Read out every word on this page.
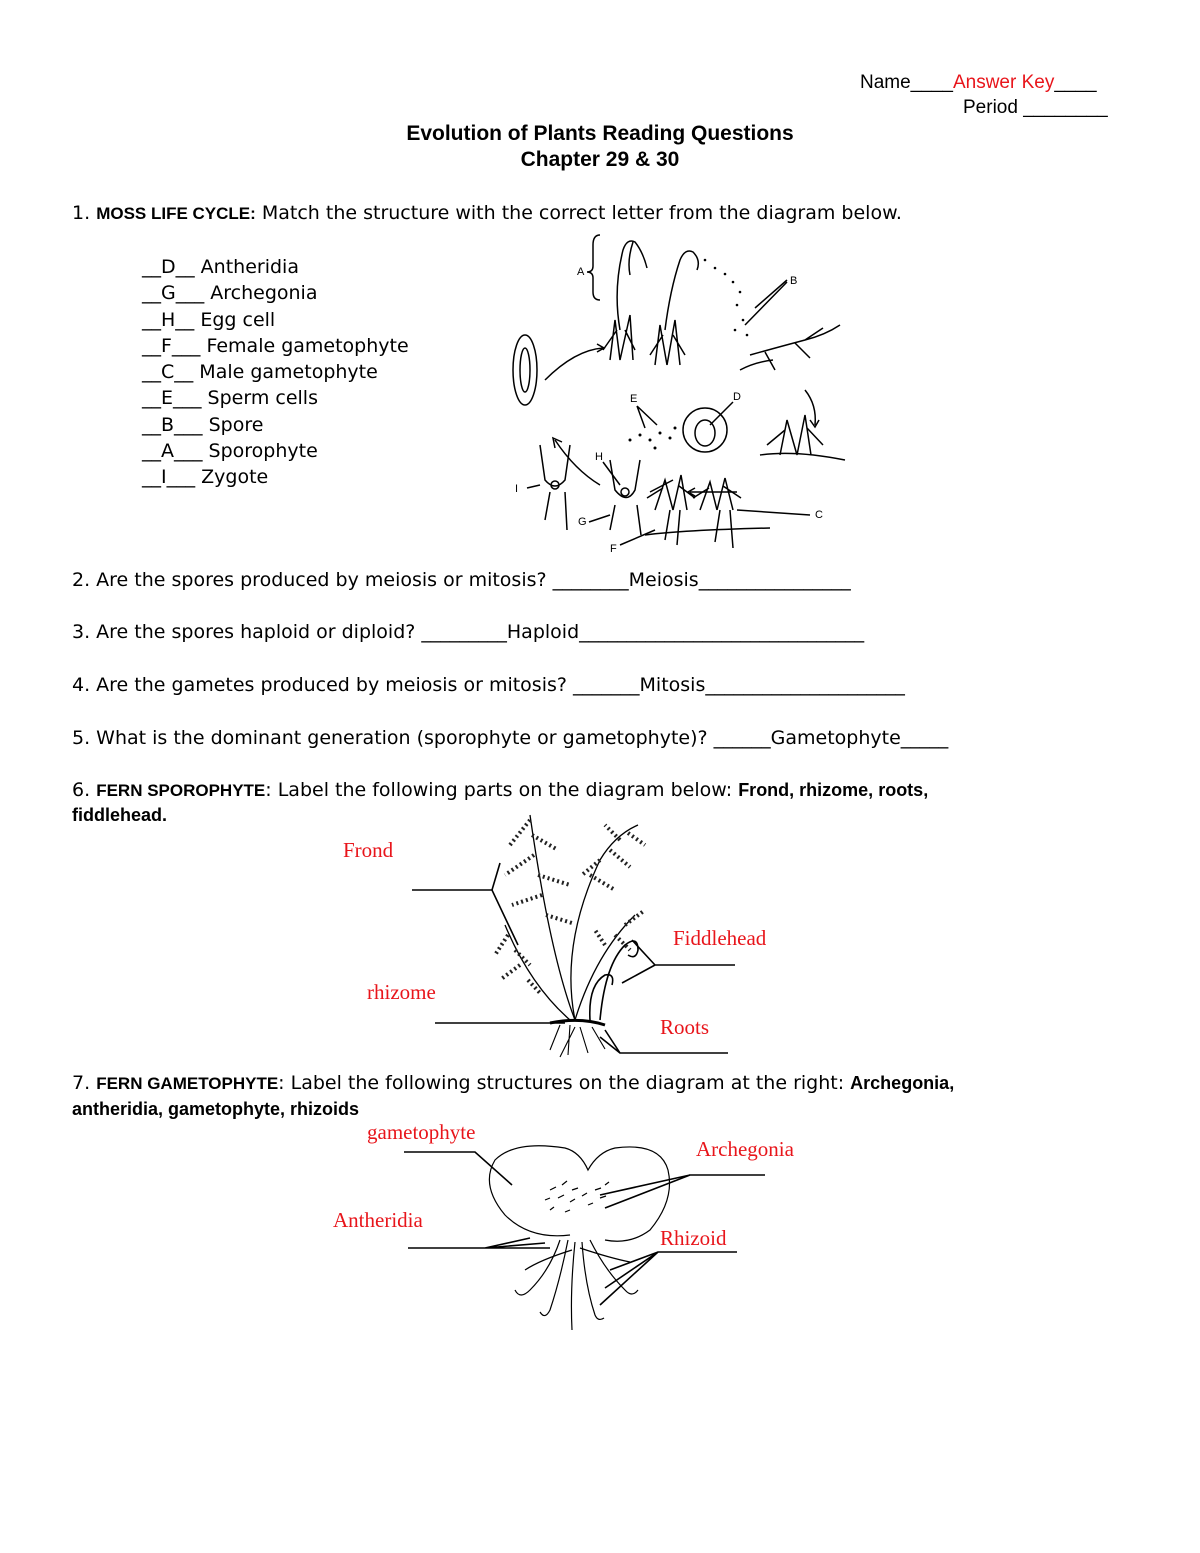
Name____Answer Key____
Period ________
Evolution of Plants Reading Questions
Chapter 29 & 30
1. MOSS LIFE CYCLE: Match the structure with the correct letter from the diagram below.
__D__ Antheridia
__G___ Archegonia
__H__ Egg cell
__F___ Female gametophyte
__C__ Male gametophyte
__E___ Sperm cells
__B___ Spore
__A___ Sporophyte
__I___ Zygote
A
B
I
H
G
D
E
F
C
2. Are the spores produced by meiosis or mitosis? ________Meiosis________________
3. Are the spores haploid or diploid? _________Haploid______________________________
4. Are the gametes produced by meiosis or mitosis? _______Mitosis_____________________
5. What is the dominant generation (sporophyte or gametophyte)? ______Gametophyte_____
6. FERN SPOROPHYTE: Label the following parts on the diagram below: Frond, rhizome, roots,
fiddlehead.
Frond
Fiddlehead
rhizome
Roots
7. FERN GAMETOPHYTE: Label the following structures on the diagram at the right: Archegonia,
antheridia, gametophyte, rhizoids
gametophyte
Archegonia
Antheridia
Rhizoid
